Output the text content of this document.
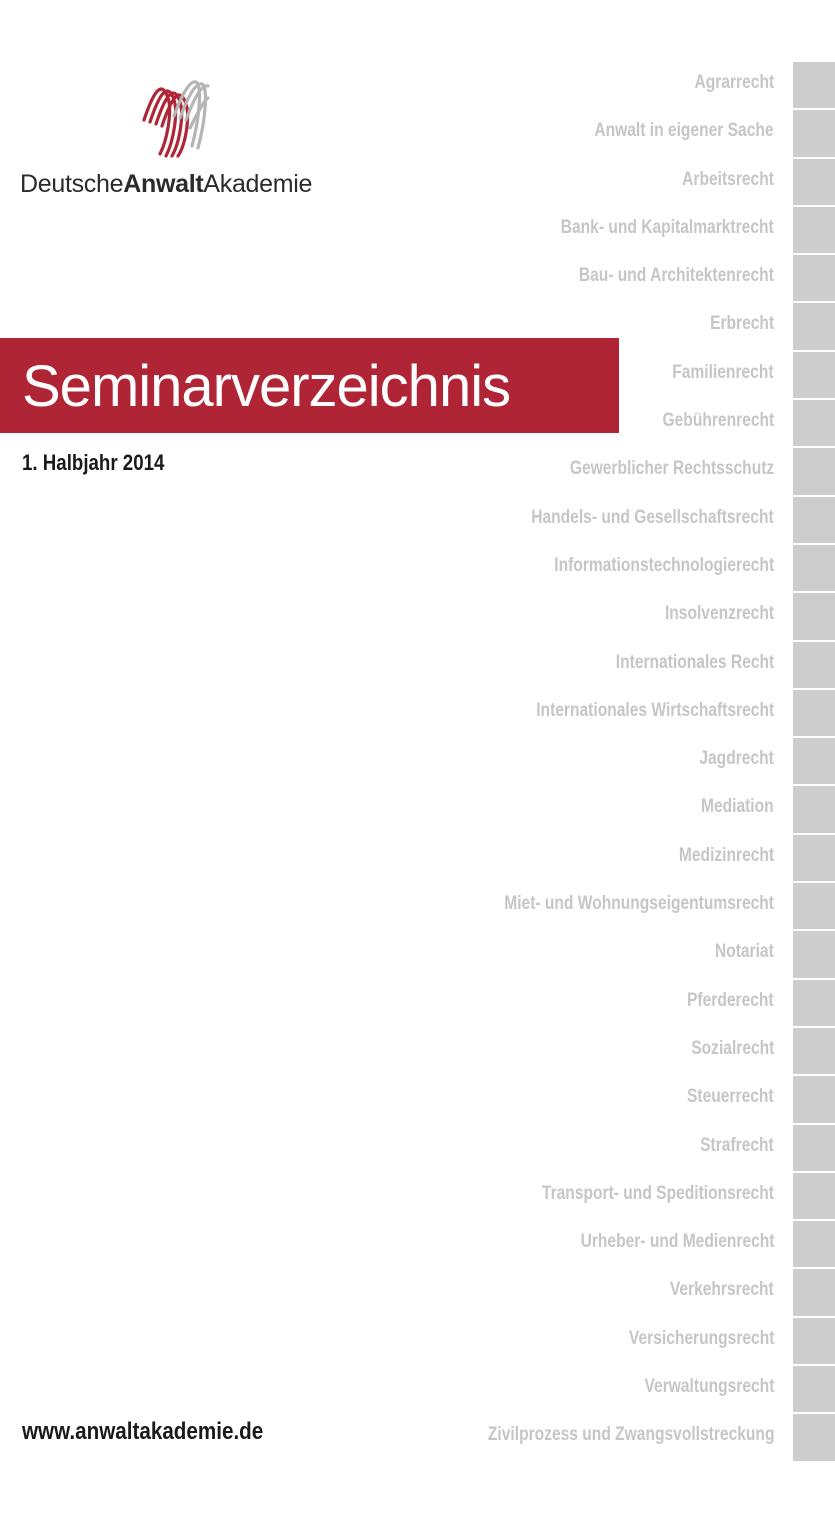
DeutscheAnwaltAkademie
Seminarverzeichnis
1. Halbjahr 2014
www.anwaltakademie.de
Agrarrecht
Anwalt in eigener Sache
Arbeitsrecht
Bank- und Kapitalmarktrecht
Bau- und Architektenrecht
Erbrecht
Familienrecht
Gebührenrecht
Gewerblicher Rechtsschutz
Handels- und Gesellschaftsrecht
Informationstechnologierecht
Insolvenzrecht
Internationales Recht
Internationales Wirtschaftsrecht
Jagdrecht
Mediation
Medizinrecht
Miet- und Wohnungseigentumsrecht
Notariat
Pferderecht
Sozialrecht
Steuerrecht
Strafrecht
Transport- und Speditionsrecht
Urheber- und Medienrecht
Verkehrsrecht
Versicherungsrecht
Verwaltungsrecht
Zivilprozess und Zwangsvollstreckung
